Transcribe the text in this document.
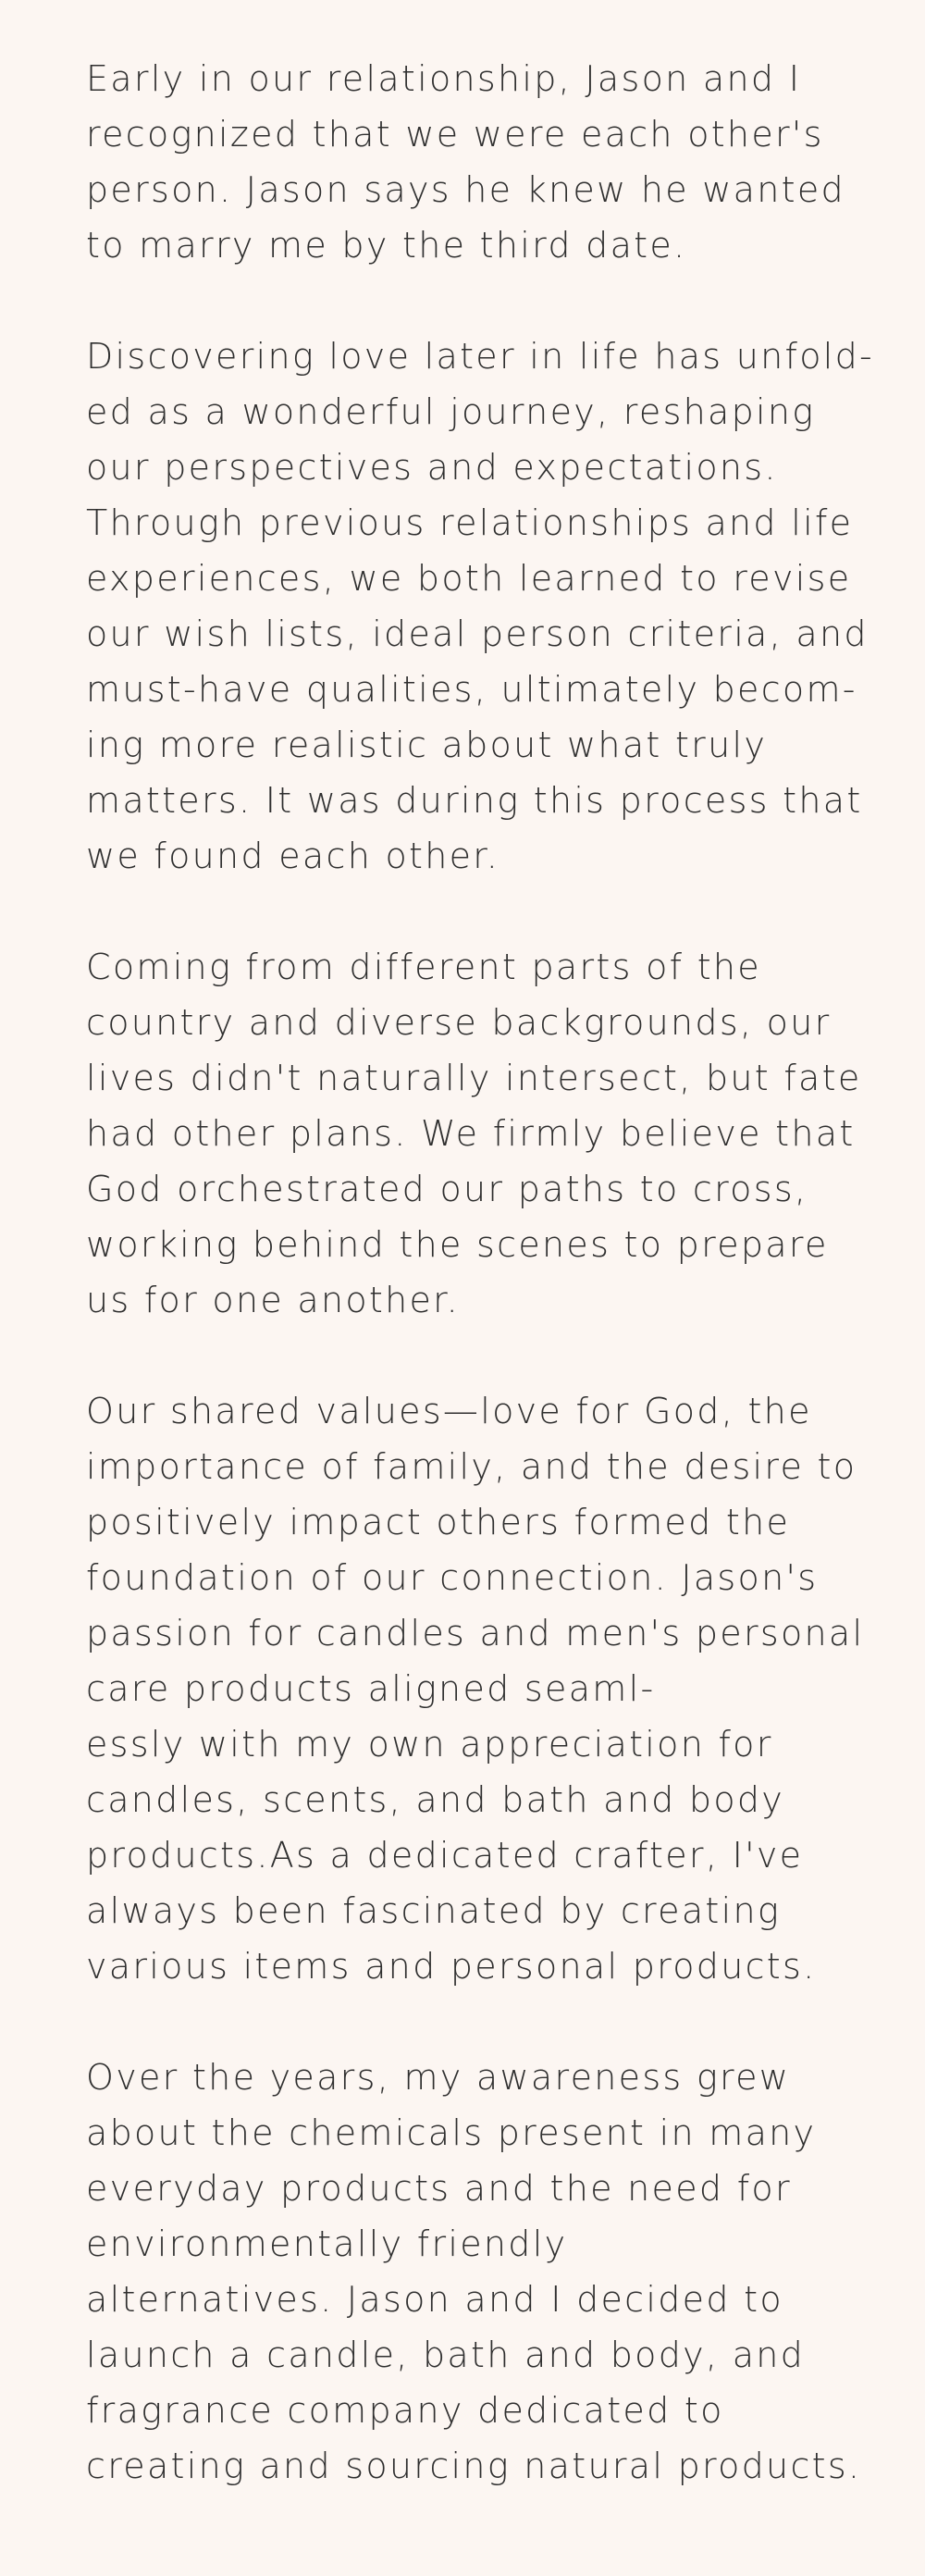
Early in our relationship, Jason and I
recognized that we were each other's
person. Jason says he knew he wanted
to marry me by the third date.

Discovering love later in life has unfold-
ed as a wonderful journey, reshaping
our perspectives and expectations.
Through previous relationships and life
experiences, we both learned to revise
our wish lists, ideal person criteria, and
must-have qualities, ultimately becom-
ing more realistic about what truly
matters. It was during this process that
we found each other.

Coming from different parts of the
country and diverse backgrounds, our
lives didn't naturally intersect, but fate
had other plans. We firmly believe that
God orchestrated our paths to cross,
working behind the scenes to prepare
us for one another.

Our shared values—love for God, the
importance of family, and the desire to
positively impact others formed the
foundation of our connection. Jason's
passion for candles and men's personal
care products aligned seaml-
essly with my own appreciation for
candles, scents, and bath and body
products.As a dedicated crafter, I've
always been fascinated by creating
various items and personal products.

Over the years, my awareness grew
about the chemicals present in many
everyday products and the need for
environmentally friendly
alternatives. Jason and I decided to
launch a candle, bath and body, and
fragrance company dedicated to
creating and sourcing natural products.
